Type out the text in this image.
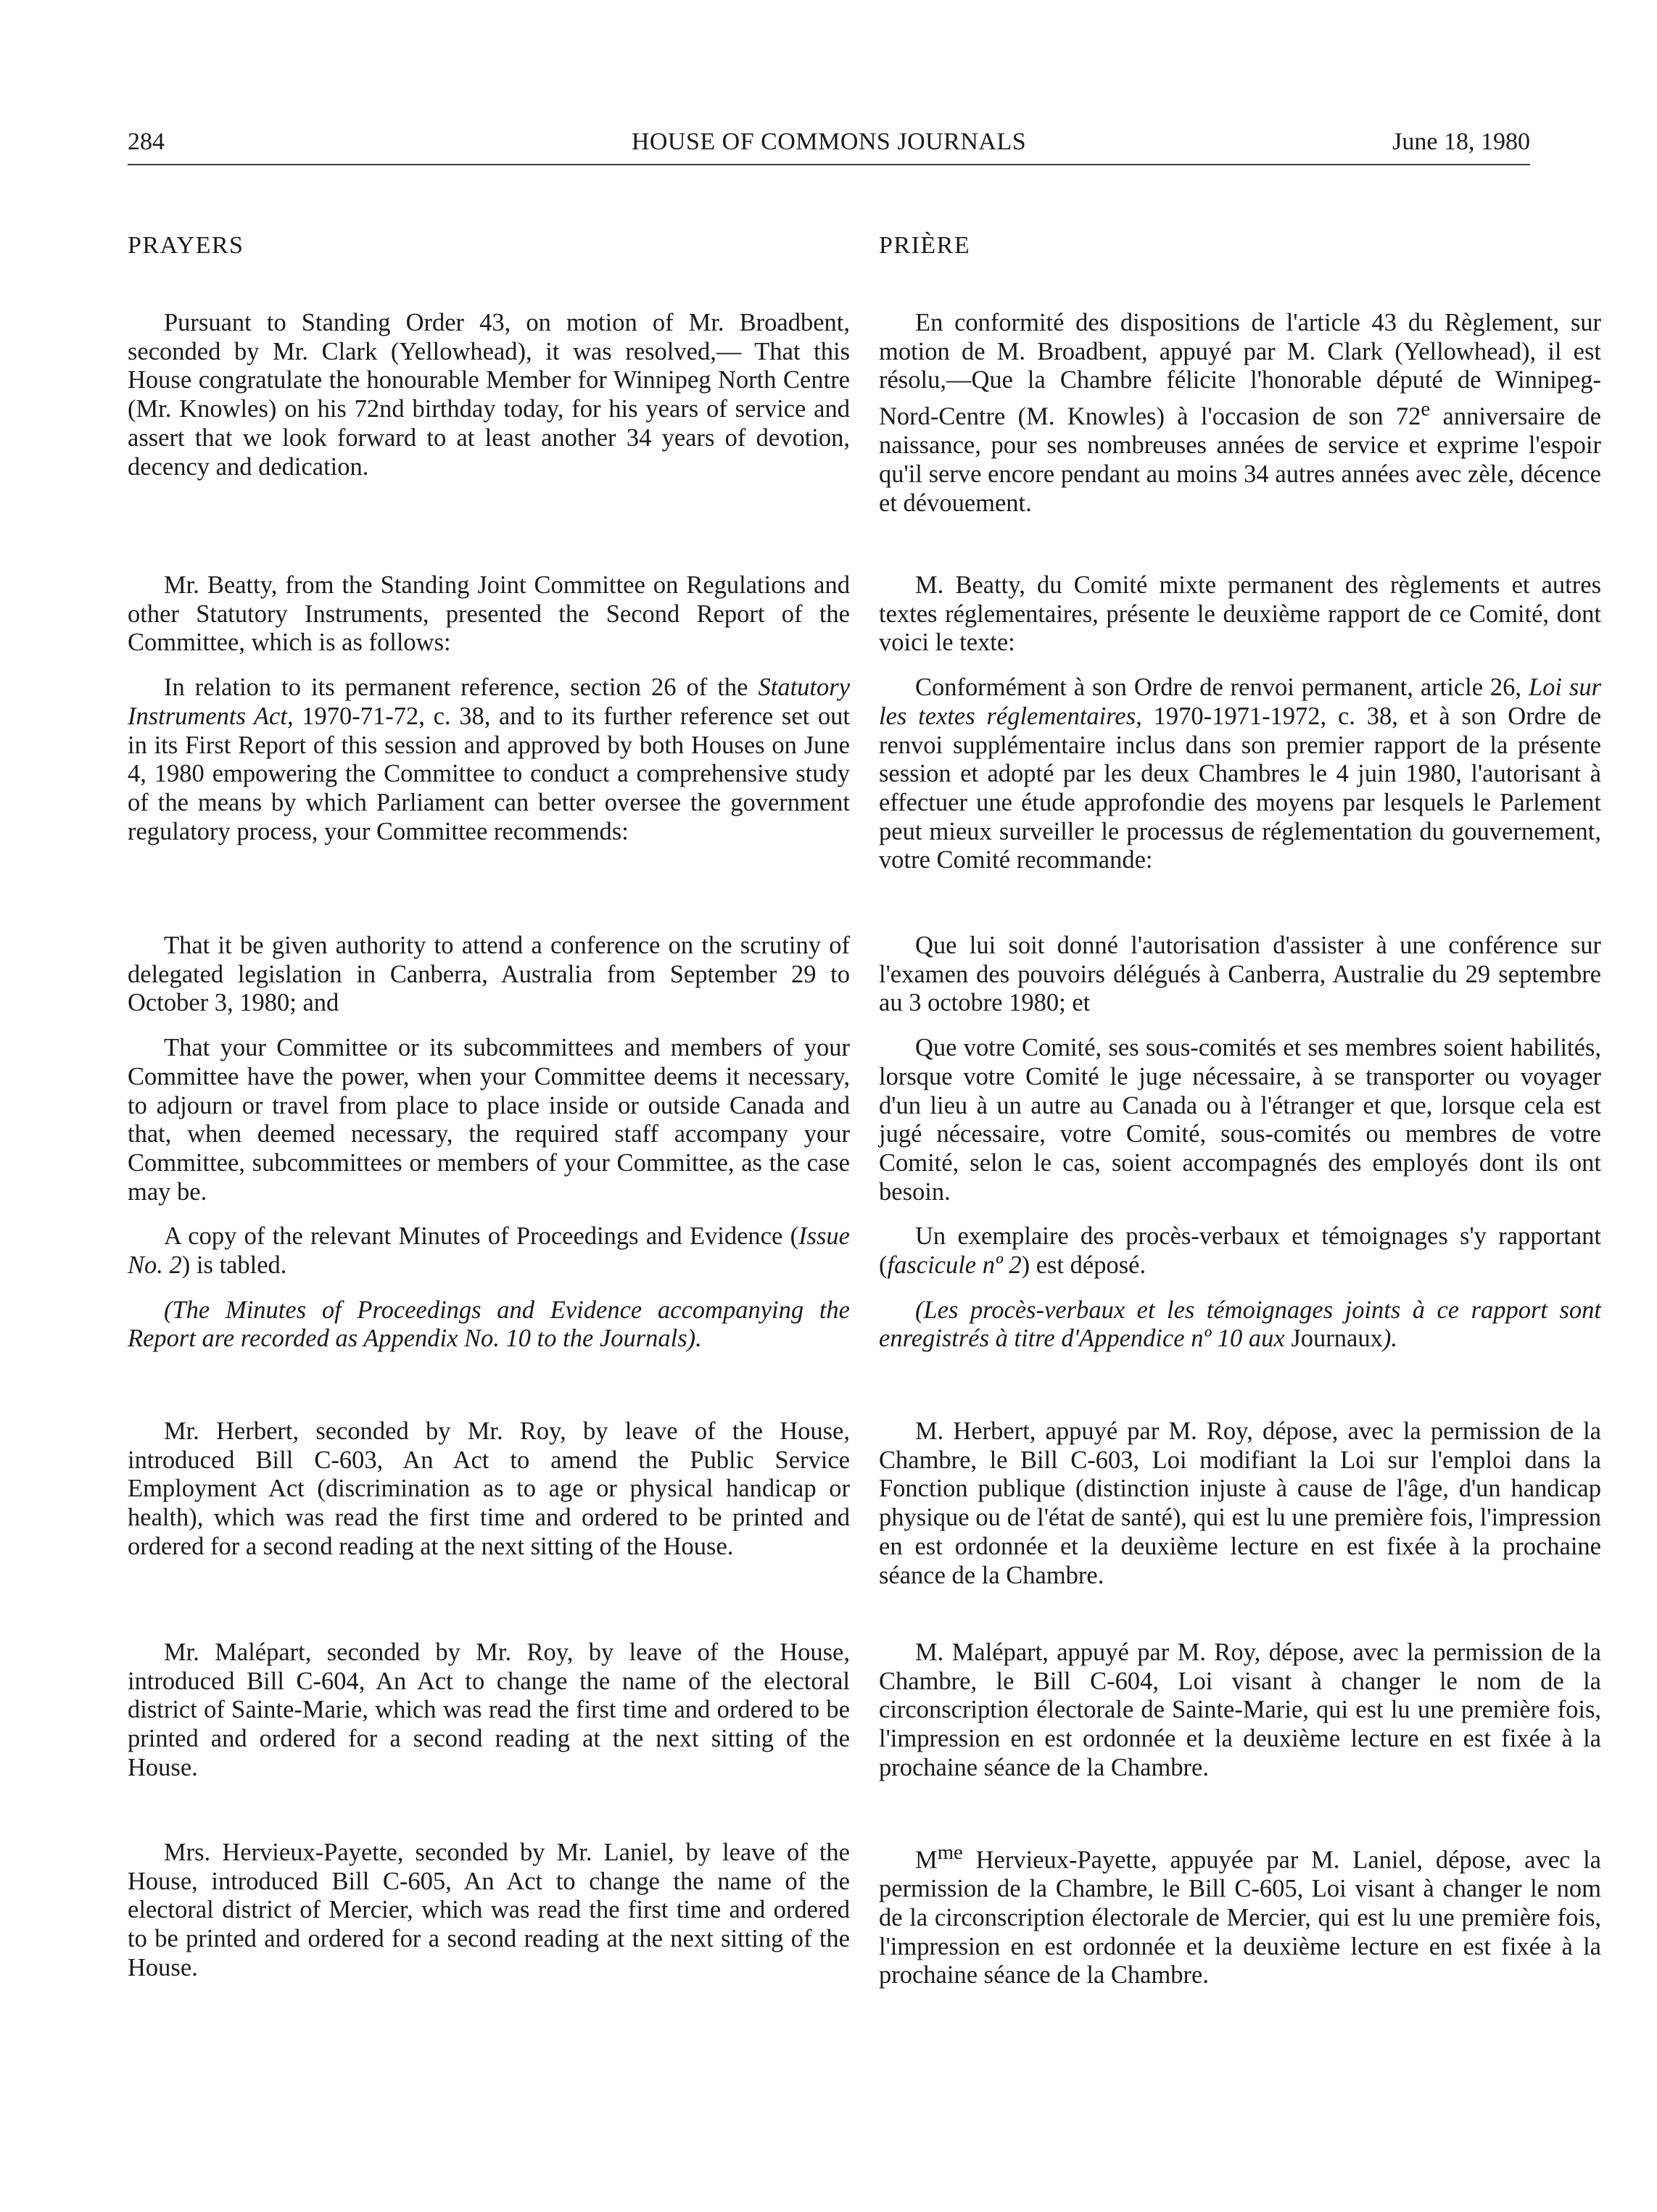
284	HOUSE OF COMMONS JOURNALS	June 18, 1980
PRAYERS	PRIÈRE

Pursuant to Standing Order 43, on motion of Mr. Broadbent, seconded by Mr. Clark (Yellowhead), it was resolved,— That this House congratulate the honourable Member for Winnipeg North Centre (Mr. Knowles) on his 72nd birthday today, for his years of service and assert that we look forward to at least another 34 years of devotion, decency and dedication.

En conformité des dispositions de l'article 43 du Règlement, sur motion de M. Broadbent, appuyé par M. Clark (Yellowhead), il est résolu,—Que la Chambre félicite l'honorable député de Winnipeg-Nord-Centre (M. Knowles) à l'occasion de son 72e anniversaire de naissance, pour ses nombreuses années de service et exprime l'espoir qu'il serve encore pendant au moins 34 autres années avec zèle, décence et dévouement.

Mr. Beatty, from the Standing Joint Committee on Regulations and other Statutory Instruments, presented the Second Report of the Committee, which is as follows:

In relation to its permanent reference, section 26 of the Statutory Instruments Act, 1970-71-72, c. 38, and to its further reference set out in its First Report of this session and approved by both Houses on June 4, 1980 empowering the Committee to conduct a comprehensive study of the means by which Parliament can better oversee the government regulatory process, your Committee recommends:

M. Beatty, du Comité mixte permanent des règlements et autres textes réglementaires, présente le deuxième rapport de ce Comité, dont voici le texte:

Conformément à son Ordre de renvoi permanent, article 26, Loi sur les textes réglementaires, 1970-1971-1972, c. 38, et à son Ordre de renvoi supplémentaire inclus dans son premier rapport de la présente session et adopté par les deux Chambres le 4 juin 1980, l'autorisant à effectuer une étude approfondie des moyens par lesquels le Parlement peut mieux surveiller le processus de réglementation du gouvernement, votre Comité recommande:

That it be given authority to attend a conference on the scrutiny of delegated legislation in Canberra, Australia from September 29 to October 3, 1980; and

That your Committee or its subcommittees and members of your Committee have the power, when your Committee deems it necessary, to adjourn or travel from place to place inside or outside Canada and that, when deemed necessary, the required staff accompany your Committee, subcommittees or members of your Committee, as the case may be.

A copy of the relevant Minutes of Proceedings and Evidence (Issue No. 2) is tabled.

(The Minutes of Proceedings and Evidence accompanying the Report are recorded as Appendix No. 10 to the Journals).

Que lui soit donné l'autorisation d'assister à une conférence sur l'examen des pouvoirs délégués à Canberra, Australie du 29 septembre au 3 octobre 1980; et

Que votre Comité, ses sous-comités et ses membres soient habilités, lorsque votre Comité le juge nécessaire, à se transporter ou voyager d'un lieu à un autre au Canada ou à l'étranger et que, lorsque cela est jugé nécessaire, votre Comité, sous-comités ou membres de votre Comité, selon le cas, soient accompagnés des employés dont ils ont besoin.

Un exemplaire des procès-verbaux et témoignages s'y rapportant (fascicule nº 2) est déposé.

(Les procès-verbaux et les témoignages joints à ce rapport sont enregistrés à titre d'Appendice nº 10 aux Journaux).

Mr. Herbert, seconded by Mr. Roy, by leave of the House, introduced Bill C-603, An Act to amend the Public Service Employment Act (discrimination as to age or physical handicap or health), which was read the first time and ordered to be printed and ordered for a second reading at the next sitting of the House.

M. Herbert, appuyé par M. Roy, dépose, avec la permission de la Chambre, le Bill C-603, Loi modifiant la Loi sur l'emploi dans la Fonction publique (distinction injuste à cause de l'âge, d'un handicap physique ou de l'état de santé), qui est lu une première fois, l'impression en est ordonnée et la deuxième lecture en est fixée à la prochaine séance de la Chambre.

Mr. Malépart, seconded by Mr. Roy, by leave of the House, introduced Bill C-604, An Act to change the name of the electoral district of Sainte-Marie, which was read the first time and ordered to be printed and ordered for a second reading at the next sitting of the House.

M. Malépart, appuyé par M. Roy, dépose, avec la permission de la Chambre, le Bill C-604, Loi visant à changer le nom de la circonscription électorale de Sainte-Marie, qui est lu une première fois, l'impression en est ordonnée et la deuxième lecture en est fixée à la prochaine séance de la Chambre.

Mrs. Hervieux-Payette, seconded by Mr. Laniel, by leave of the House, introduced Bill C-605, An Act to change the name of the electoral district of Mercier, which was read the first time and ordered to be printed and ordered for a second reading at the next sitting of the House.

$M^{me}$ Hervieux-Payette, appuyée par M. Laniel, dépose, avec la permission de la Chambre, le Bill C-605, Loi visant à changer le nom de la circonscription électorale de Mercier, qui est lu une première fois, l'impression en est ordonnée et la deuxième lecture en est fixée à la prochaine séance de la Chambre.
